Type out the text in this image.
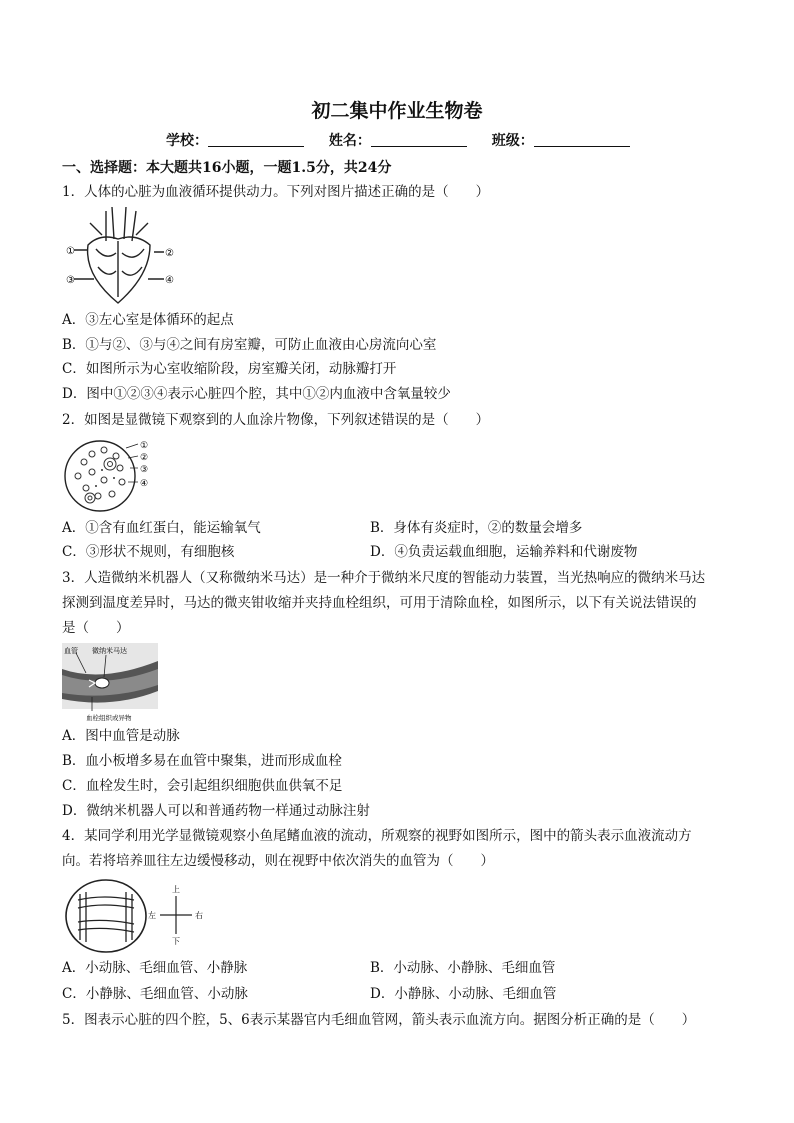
初二集中作业生物卷
学校：	姓名：	班级：
一、选择题：本大题共16小题，一题1.5分，共24分
1．人体的心脏为血液循环提供动力。下列对图片描述正确的是（　　）
①	②
③	④
A．③左心室是体循环的起点
B．①与②、③与④之间有房室瓣，可防止血液由心房流向心室
C．如图所示为心室收缩阶段，房室瓣关闭，动脉瓣打开
D．图中①②③④表示心脏四个腔，其中①②内血液中含氧量较少
2．如图是显微镜下观察到的人血涂片物像，下列叙述错误的是（　　）
①
②
③
④
A．①含有血红蛋白，能运输氧气	B．身体有炎症时，②的数量会增多
C．③形状不规则，有细胞核	D．④负责运载血细胞，运输养料和代谢废物
3．人造微纳米机器人（又称微纳米马达）是一种介于微纳米尺度的智能动力装置，当光热响应的微纳米马达
探测到温度差异时，马达的微夹钳收缩并夹持血栓组织，可用于清除血栓，如图所示，以下有关说法错误的
是（　　）
血管 微纳米马达
血栓组织或异物
A．图中血管是动脉
B．血小板增多易在血管中聚集，进而形成血栓
C．血栓发生时，会引起组织细胞供血供氧不足
D．微纳米机器人可以和普通药物一样通过动脉注射
4．某同学利用光学显微镜观察小鱼尾鳍血液的流动，所观察的视野如图所示，图中的箭头表示血液流动方
向。若将培养皿往左边缓慢移动，则在视野中依次消失的血管为（　　）
上
下
左	右
A．小动脉、毛细血管、小静脉	B．小动脉、小静脉、毛细血管
C．小静脉、毛细血管、小动脉	D．小静脉、小动脉、毛细血管
5．图表示心脏的四个腔，5、6表示某器官内毛细血管网，箭头表示血流方向。据图分析正确的是（　　）
